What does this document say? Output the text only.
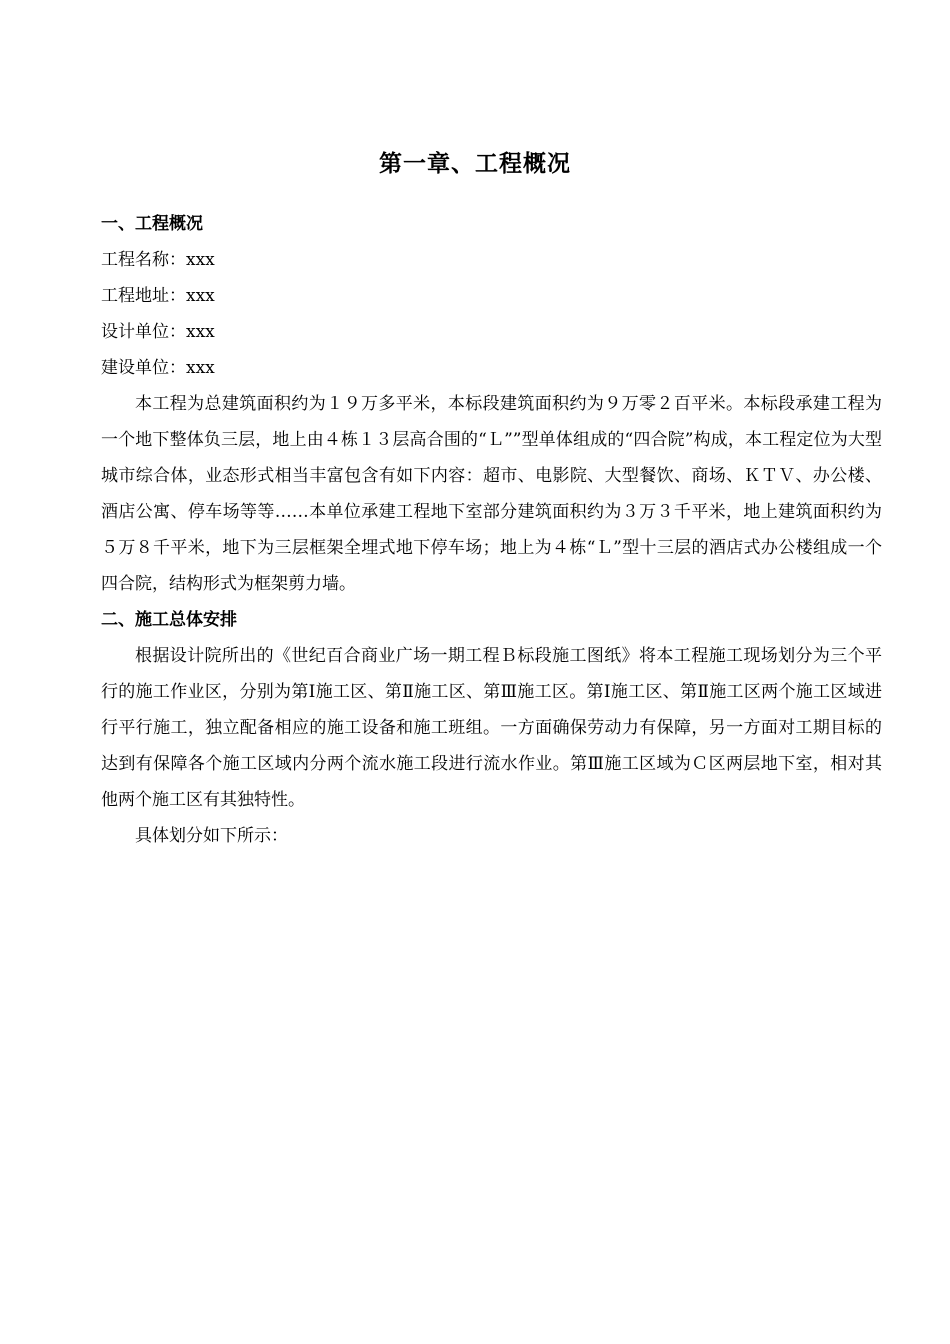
第一章、工程概况
一、工程概况
工程名称：xxx
工程地址：xxx
设计单位：xxx
建设单位：xxx

本工程为总建筑面积约为１９万多平米，本标段建筑面积约为９万零２百平米。本标段承建工程为一个地下整体负三层，地上由４栋１３层高合围的“Ｌ””型单体组成的“四合院”构成，本工程定位为大型城市综合体，业态形式相当丰富包含有如下内容：超市、电影院、大型餐饮、商场、ＫＴＶ、办公楼、酒店公寓、停车场等等……本单位承建工程地下室部分建筑面积约为３万３千平米，地上建筑面积约为５万８千平米，地下为三层框架全埋式地下停车场；地上为４栋“Ｌ”型十三层的酒店式办公楼组成一个四合院，结构形式为框架剪力墙。

二、施工总体安排

根据设计院所出的《世纪百合商业广场一期工程Ｂ标段施工图纸》将本工程施工现场划分为三个平行的施工作业区，分别为第Ⅰ施工区、第Ⅱ施工区、第Ⅲ施工区。第Ⅰ施工区、第Ⅱ施工区两个施工区域进行平行施工，独立配备相应的施工设备和施工班组。一方面确保劳动力有保障，另一方面对工期目标的达到有保障各个施工区域内分两个流水施工段进行流水作业。第Ⅲ施工区域为Ｃ区两层地下室，相对其他两个施工区有其独特性。

具体划分如下所示：
